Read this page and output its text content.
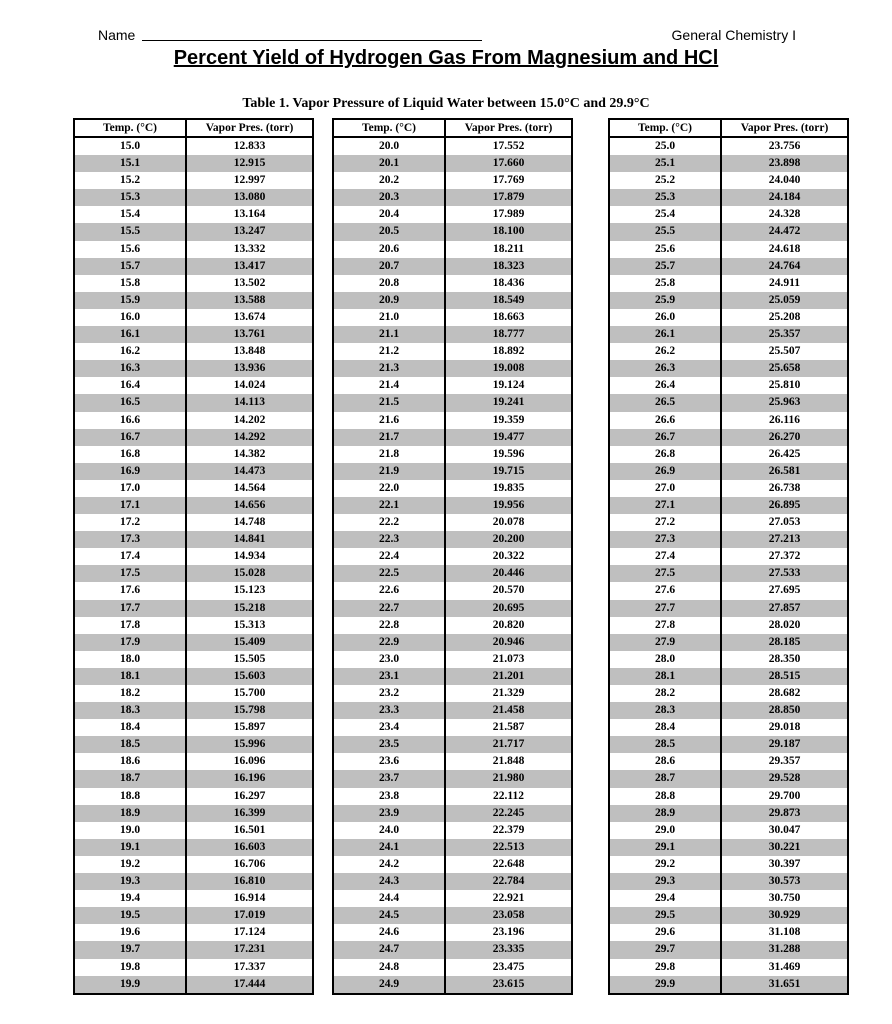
Name	General Chemistry I
Percent Yield of Hydrogen Gas From Magnesium and HCl
Table 1. Vapor Pressure of Liquid Water between 15.0°C and 29.9°C
Temp. (°C)	Vapor Pres. (torr)
15.0	12.833
15.1	12.915
15.2	12.997
15.3	13.080
15.4	13.164
15.5	13.247
15.6	13.332
15.7	13.417
15.8	13.502
15.9	13.588
16.0	13.674
16.1	13.761
16.2	13.848
16.3	13.936
16.4	14.024
16.5	14.113
16.6	14.202
16.7	14.292
16.8	14.382
16.9	14.473
17.0	14.564
17.1	14.656
17.2	14.748
17.3	14.841
17.4	14.934
17.5	15.028
17.6	15.123
17.7	15.218
17.8	15.313
17.9	15.409
18.0	15.505
18.1	15.603
18.2	15.700
18.3	15.798
18.4	15.897
18.5	15.996
18.6	16.096
18.7	16.196
18.8	16.297
18.9	16.399
19.0	16.501
19.1	16.603
19.2	16.706
19.3	16.810
19.4	16.914
19.5	17.019
19.6	17.124
19.7	17.231
19.8	17.337
19.9	17.444
Temp. (°C)	Vapor Pres. (torr)
20.0	17.552
20.1	17.660
20.2	17.769
20.3	17.879
20.4	17.989
20.5	18.100
20.6	18.211
20.7	18.323
20.8	18.436
20.9	18.549
21.0	18.663
21.1	18.777
21.2	18.892
21.3	19.008
21.4	19.124
21.5	19.241
21.6	19.359
21.7	19.477
21.8	19.596
21.9	19.715
22.0	19.835
22.1	19.956
22.2	20.078
22.3	20.200
22.4	20.322
22.5	20.446
22.6	20.570
22.7	20.695
22.8	20.820
22.9	20.946
23.0	21.073
23.1	21.201
23.2	21.329
23.3	21.458
23.4	21.587
23.5	21.717
23.6	21.848
23.7	21.980
23.8	22.112
23.9	22.245
24.0	22.379
24.1	22.513
24.2	22.648
24.3	22.784
24.4	22.921
24.5	23.058
24.6	23.196
24.7	23.335
24.8	23.475
24.9	23.615
Temp. (°C)	Vapor Pres. (torr)
25.0	23.756
25.1	23.898
25.2	24.040
25.3	24.184
25.4	24.328
25.5	24.472
25.6	24.618
25.7	24.764
25.8	24.911
25.9	25.059
26.0	25.208
26.1	25.357
26.2	25.507
26.3	25.658
26.4	25.810
26.5	25.963
26.6	26.116
26.7	26.270
26.8	26.425
26.9	26.581
27.0	26.738
27.1	26.895
27.2	27.053
27.3	27.213
27.4	27.372
27.5	27.533
27.6	27.695
27.7	27.857
27.8	28.020
27.9	28.185
28.0	28.350
28.1	28.515
28.2	28.682
28.3	28.850
28.4	29.018
28.5	29.187
28.6	29.357
28.7	29.528
28.8	29.700
28.9	29.873
29.0	30.047
29.1	30.221
29.2	30.397
29.3	30.573
29.4	30.750
29.5	30.929
29.6	31.108
29.7	31.288
29.8	31.469
29.9	31.651
